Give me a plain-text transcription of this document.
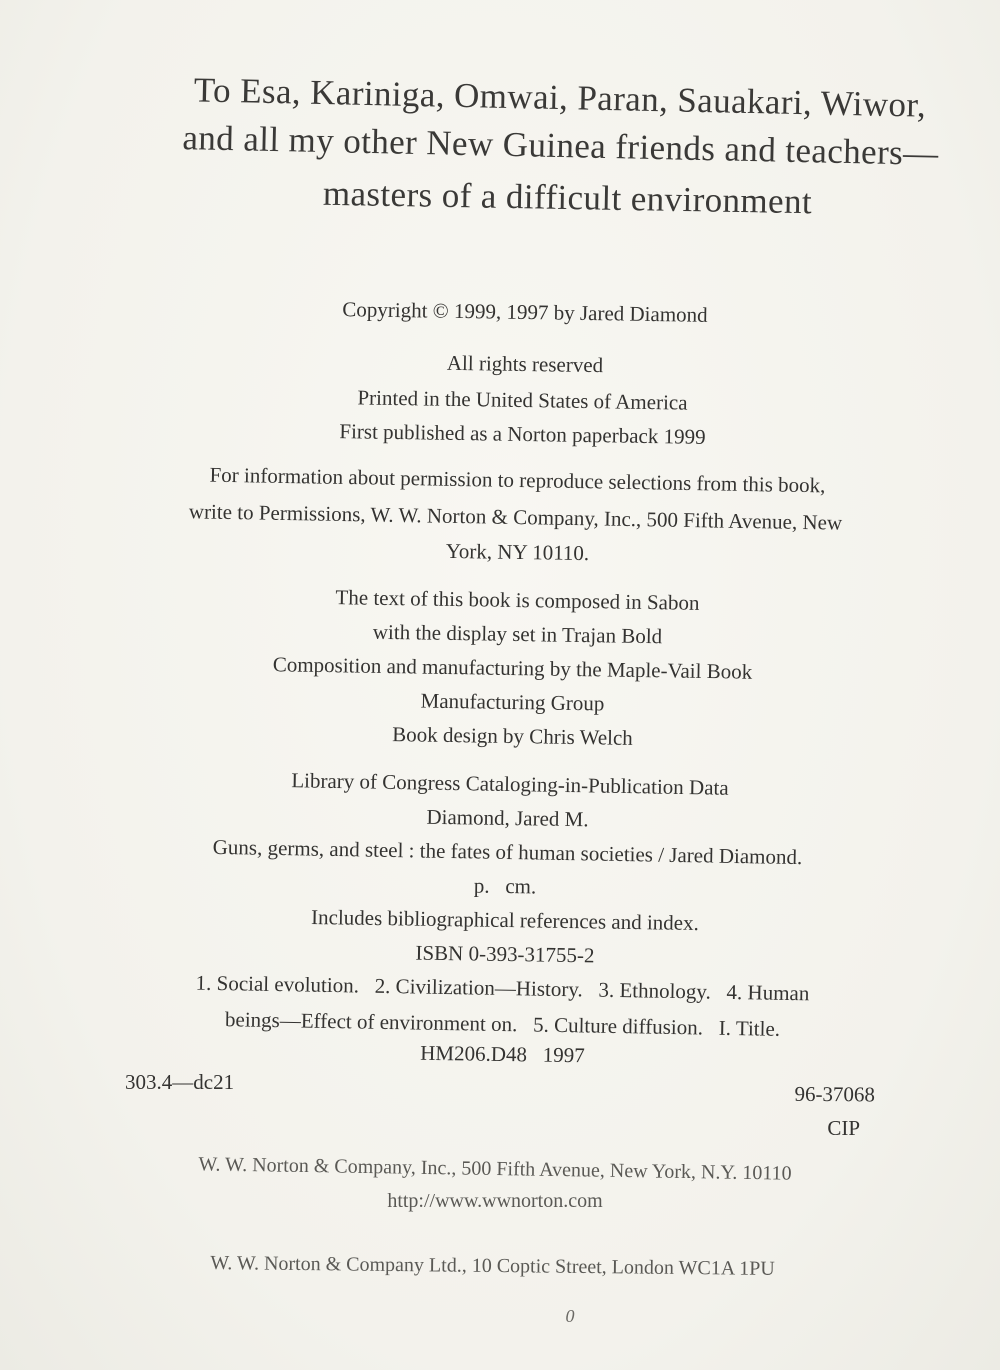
To Esa, Kariniga, Omwai, Paran, Sauakari, Wiwor,
and all my other New Guinea friends and teachers—
masters of a difficult environment
Copyright © 1999, 1997 by Jared Diamond
All rights reserved
Printed in the United States of America
First published as a Norton paperback 1999
For information about permission to reproduce selections from this book,
write to Permissions, W. W. Norton & Company, Inc., 500 Fifth Avenue, New
York, NY 10110.
The text of this book is composed in Sabon
with the display set in Trajan Bold
Composition and manufacturing by the Maple-Vail Book
Manufacturing Group
Book design by Chris Welch
Library of Congress Cataloging-in-Publication Data
Diamond, Jared M.
Guns, germs, and steel : the fates of human societies / Jared Diamond.
p.   cm.
Includes bibliographical references and index.
ISBN 0-393-31755-2
1. Social evolution.   2. Civilization—History.   3. Ethnology.   4. Human
beings—Effect of environment on.   5. Culture diffusion.   I. Title.
HM206.D48   1997
303.4—dc21	96-37068
CIP
W. W. Norton & Company, Inc., 500 Fifth Avenue, New York, N.Y. 10110
http://www.wwnorton.com
W. W. Norton & Company Ltd., 10 Coptic Street, London WC1A 1PU
0
